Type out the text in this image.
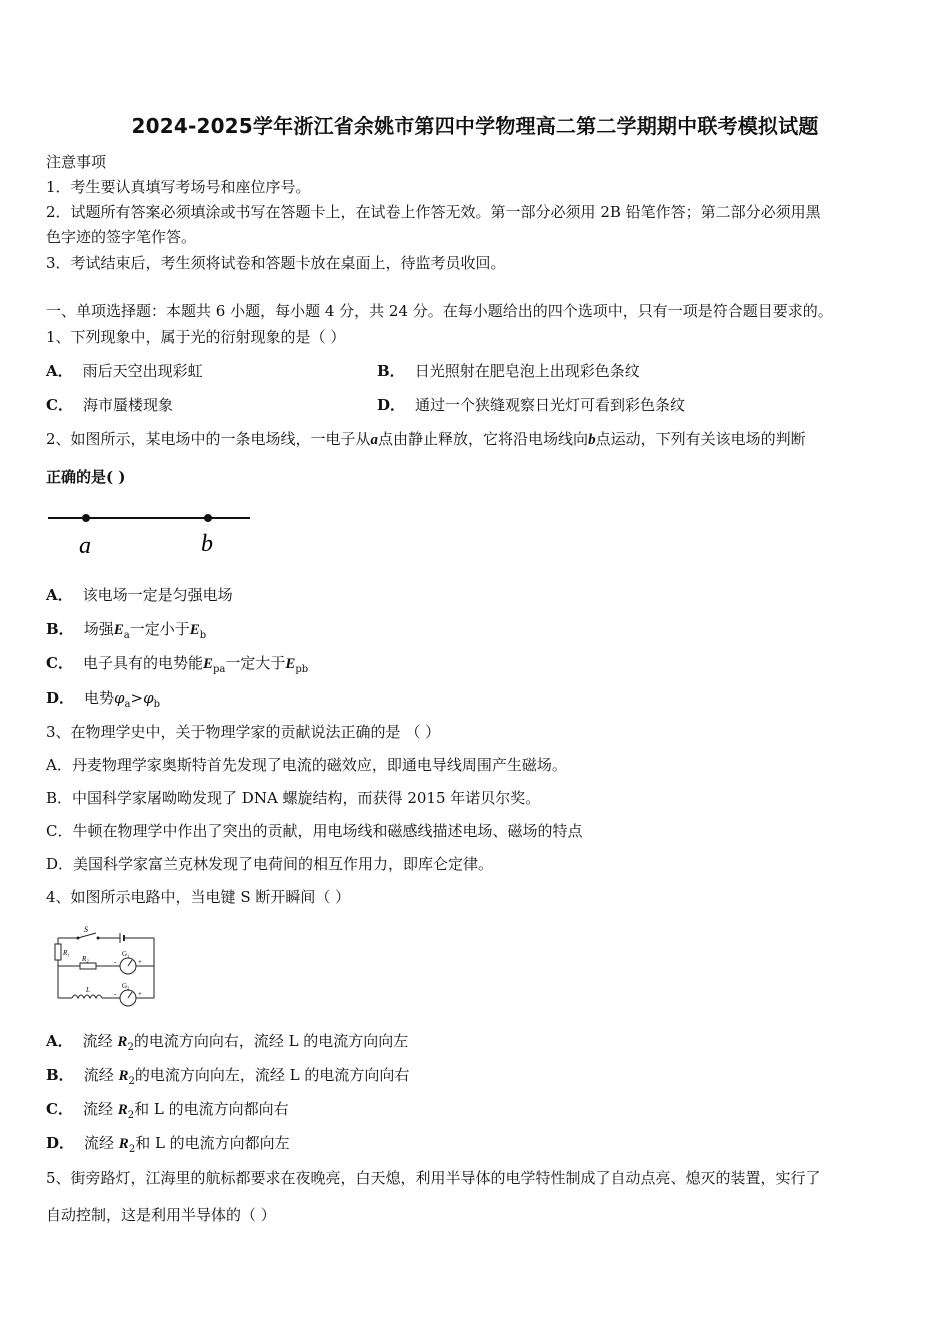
2024-2025学年浙江省余姚市第四中学物理高二第二学期期中联考模拟试题
注意事项
1．考生要认真填写考场号和座位序号。
2．试题所有答案必须填涂或书写在答题卡上，在试卷上作答无效。第一部分必须用 2B 铅笔作答；第二部分必须用黑
色字迹的签字笔作答。
3．考试结束后，考生须将试卷和答题卡放在桌面上，待监考员收回。
一、单项选择题：本题共 6 小题，每小题 4 分，共 24 分。在每小题给出的四个选项中，只有一项是符合题目要求的。
1、下列现象中，属于光的衍射现象的是（ ）
A． 雨后天空出现彩虹	B． 日光照射在肥皂泡上出现彩色条纹
C． 海市蜃楼现象	D． 通过一个狭缝观察日光灯可看到彩色条纹
2、如图所示，某电场中的一条电场线，一电子从a点由静止释放，它将沿电场线向b点运动，下列有关该电场的判断
正确的是( )
a	b
A． 该电场一定是匀强电场
B． 场强$E_a$一定小于$E_b$
C． 电子具有的电势能$E_{pa}$一定大于$E_{pb}$
D． 电势$\varphi_a>\varphi_b$
3、在物理学史中，关于物理学家的贡献说法正确的是 （ ）
A．丹麦物理学家奥斯特首先发现了电流的磁效应，即通电导线周围产生磁场。
B．中国科学家屠呦呦发现了 DNA 螺旋结构，而获得 2015 年诺贝尔奖。
C．牛顿在物理学中作出了突出的贡献，用电场线和磁感线描述电场、磁场的特点
D．美国科学家富兰克林发现了电荷间的相互作用力，即库仑定律。
4、如图所示电路中，当电键 S 断开瞬间（ ）
S
R₁
R₂
G₁
-	+
L	G₂
-	+
A． 流经 $R_2$的电流方向向右，流经 L 的电流方向向左
B． 流经 $R_2$的电流方向向左，流经 L 的电流方向向右
C． 流经 $R_2$和 L 的电流方向都向右
D． 流经 $R_2$和 L 的电流方向都向左
5、街旁路灯，江海里的航标都要求在夜晚亮，白天熄，利用半导体的电学特性制成了自动点亮、熄灭的装置，实行了
自动控制，这是利用半导体的（ ）
